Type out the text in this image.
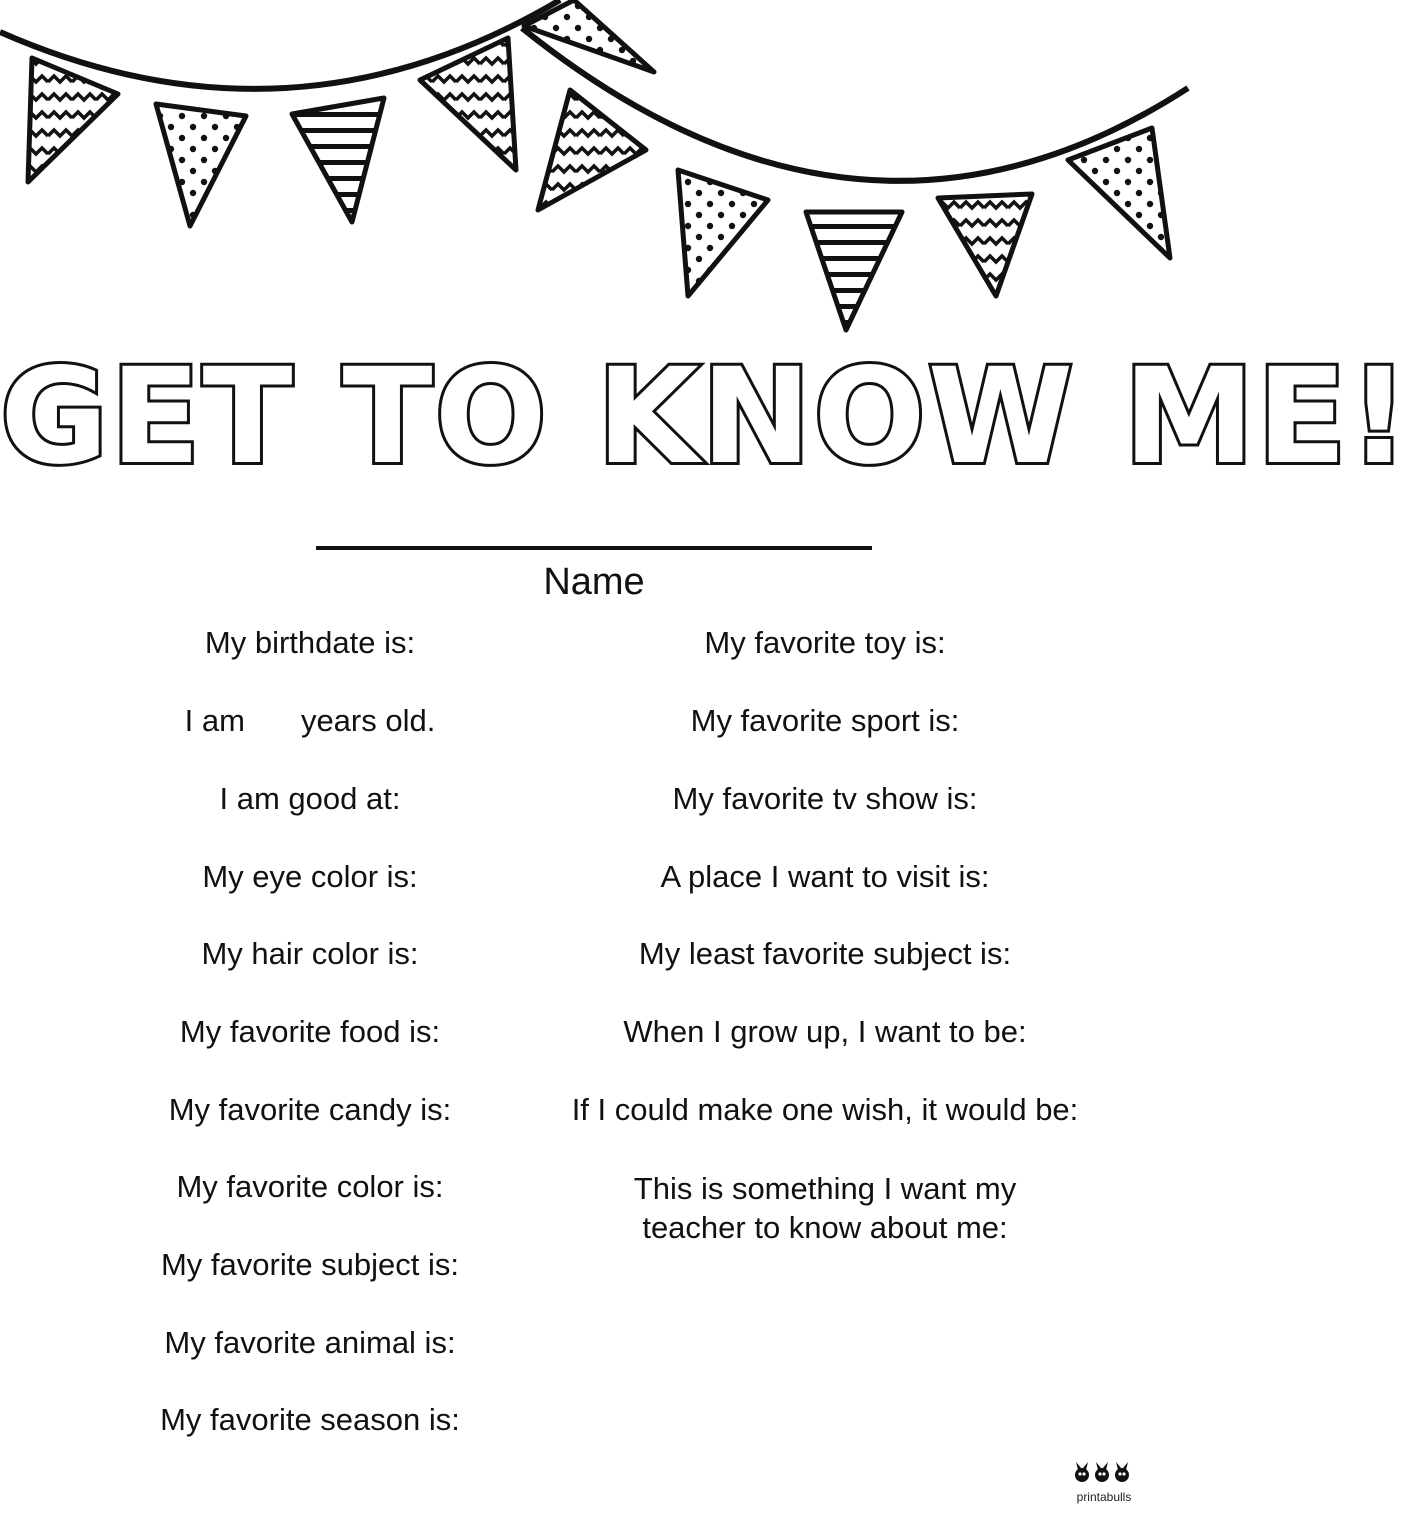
GET TO KNOW ME!
Name
My birthdate is:
I am years old.
I am good at:
My eye color is:
My hair color is:
My favorite food is:
My favorite candy is:
My favorite color is:
My favorite subject is:
My favorite animal is:
My favorite season is:
My favorite toy is:
My favorite sport is:
My favorite tv show is:
A place I want to visit is:
My least favorite subject is:
When I grow up, I want to be:
If I could make one wish, it would be:
This is something I want my
teacher to know about me:
printabulls
